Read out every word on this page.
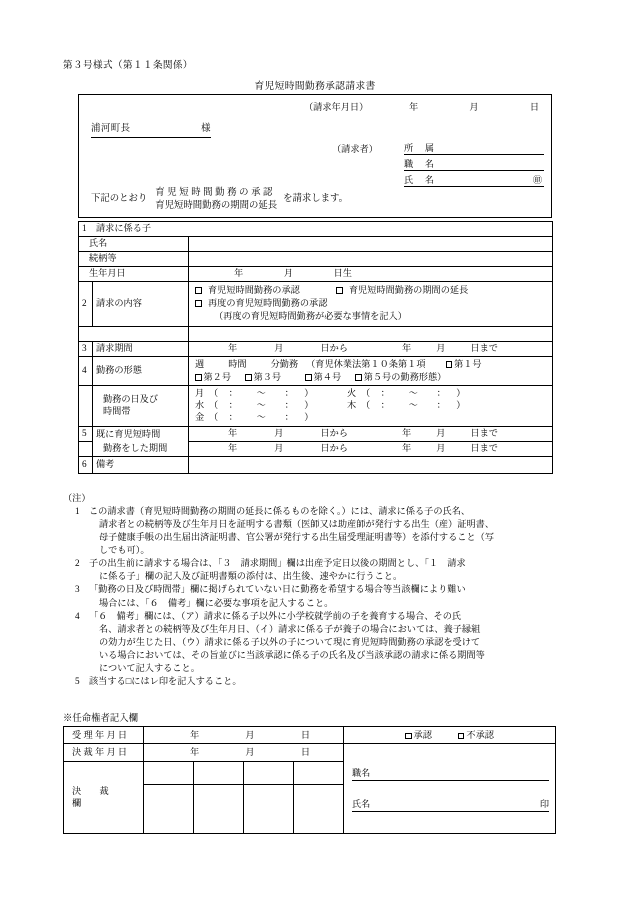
第３号様式（第１１条関係）
育児短時間勤務承認請求書
（請求年月日）	年	月	日
浦河町長	様
（請求者）	所 属
職 名
氏 名	㊞
下記のとおり
育児短時間勤務の承認
育児短時間勤務の期間の延長
を請求します。
1 請求に係る子		
氏名		
続柄等		
生年月日		年 月 日生

2	請求の内容	育児短時間勤務の承認 育児短時間勤務の期間の延長
再度の育児短時間勤務の承認
（再度の育児短時間勤務が必要な事情を記入）

3	請求期間	年	月	日から	年	月	日まで

4	勤務の形態	週 時間 分勤務 （育児休業法第１０条第１項 第１号
第２号 第３号 第４号 第５号の勤務形態）

勤務の日及び
時間帯

月 （	：	～	：	）	火 （	：	～	：	）
水 （	：	～	：	）	木 （	：	～	：	）
金 （	：	～	：	）

5	既に育児短時間	年	月	日から	年	月	日まで

	勤務をした期間	年	月	日から	年	月	日まで

6	備考	
（注）
1	この請求書（育児短時間勤務の期間の延長に係るものを除く。）には、請求に係る子の氏名、
請求者との続柄等及び生年月日を証明する書類（医師又は助産師が発行する出生（産）証明書、
母子健康手帳の出生届出済証明書、官公署が発行する出生届受理証明書等）を添付すること（写
しでも可）。
2	子の出生前に請求する場合は、「３　請求期間」欄は出産予定日以後の期間とし、「１　請求
に係る子」欄の記入及び証明書類の添付は、出生後、速やかに行うこと。
3	「勤務の日及び時間帯」欄に掲げられていない日に勤務を希望する場合等当該欄により難い
場合には、「６　備考」欄に必要な事項を記入すること。
4	「６　備考」欄には、（ア）請求に係る子以外に小学校就学前の子を養育する場合、その氏
名、請求者との続柄等及び生年月日、（イ）請求に係る子が養子の場合においては、養子縁組
の効力が生じた日、（ウ）請求に係る子以外の子について現に育児短時間勤務の承認を受けて
いる場合においては、その旨並びに当該承認に係る子の氏名及び当該承認の請求に係る期間等
について記入すること。
5	該当する□にはレ印を記入すること。
※任命権者記入欄
受 理 年 月 日	年 月 日				承認 不承認

決 裁 年 月 日	年	月	日

職名
氏名	印

決　　裁　　欄					
